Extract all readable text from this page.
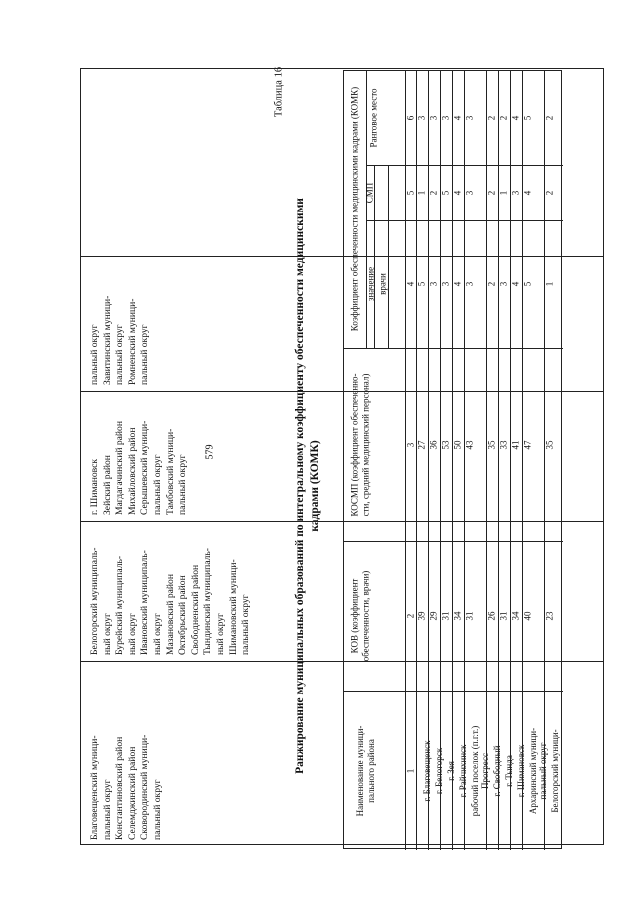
579
Таблица 16
Ранжирование муниципальных образований по интегральному коэффициенту обеспеченности медицинскими кадрами (КОМК)
Наименование муници- пального района
КОВ (коэффициент обеспеченности, врачи)
КОСМП (коэффициент обеспеченно- сти, средний медицинский персонал)
Коэффициент обеспеченности медицинскими кадрами (КОМК) значение
Ранговое место
врачи
СМП
1
2
3
4
5
6
г. Благовещенск
39
27
5
1
3
г. Белогорск
29
36
3
2
3
г. Зея
31
53
3
5
3
г. Райчихинск
34
50
4
4
4
рабочий поселок (п.г.т.) Прогресс
31
43
3
3
3
г. Свободный
26
35
2
2
2
г. Тында
31
33
3
1
2
г. Шимановск
34
41
4
3
4
Архаринский муници- пальный округ
40
47
5
4
5
Белогорский муници-
23
35
1
2
2
Благовещенский муници- пальный округ Константиновский район Селемджинский район Сковородинский муници- пальный округ
Белогорский муниципаль- ный округ Бурейский муниципаль- ный округ Ивановский муниципаль- ный округ Мазановский район Октябрьский район Свободненский район Тындинский муниципаль- ный округ Шимановский муници- пальный округ
г. Шимановск Зейский район Магдагачинский район Михайловский район Серышевский муници- пальный округ Тамбовский муници- пальный округ
пальный округ Завитинский муници- пальный округ Ромненский муници- пальный округ
